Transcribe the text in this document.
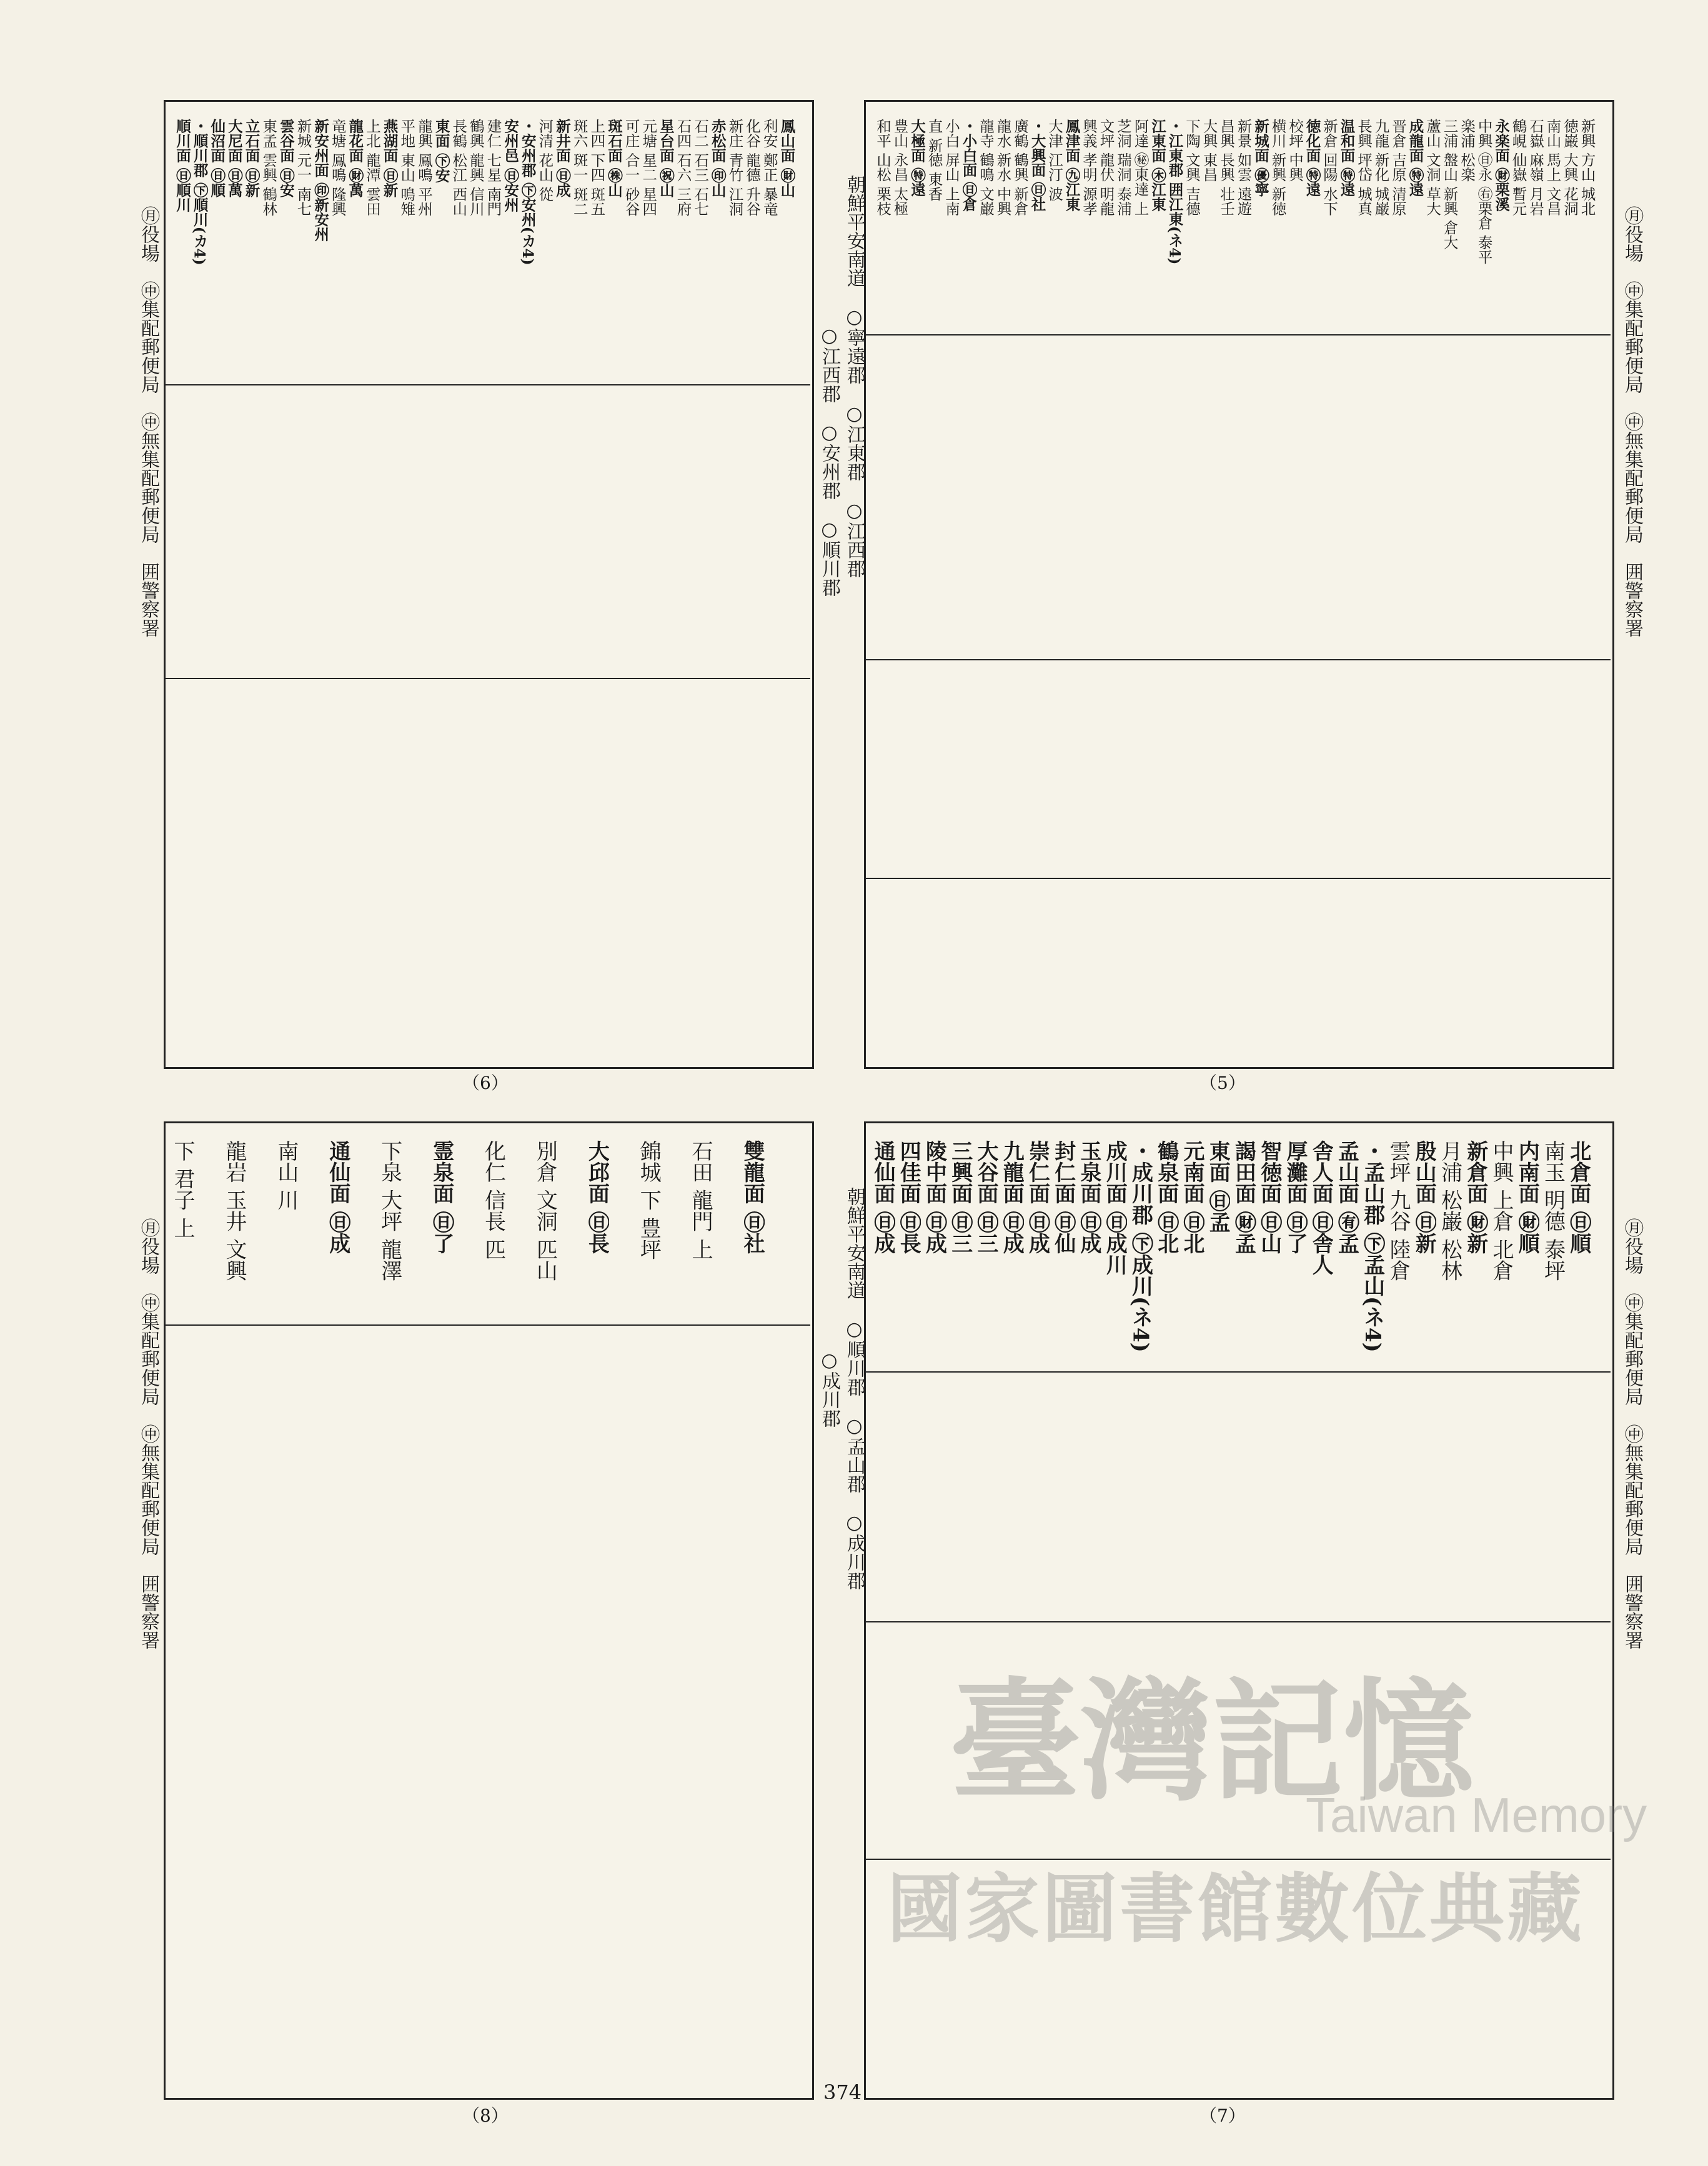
㊊役場　㊥集配郵便局　㊥無集配郵便局　囲警察署
㊊役場　㊥集配郵便局　㊥無集配郵便局　囲警察署
㊊役場　㊥集配郵便局　㊥無集配郵便局　囲警察署
㊊役場　㊥集配郵便局　㊥無集配郵便局　囲警察署
朝鮮平安南道　○寧遠郡　○江東郡　○江西郡
○江西郡　○安州郡　○順川郡
朝鮮平安南道　○順川郡　○孟山郡　○成川郡
○成川郡
新興 方山 城北
徳巌 大興 花洞
南山 馬上 文昌
石嶽 麻嶺 月岩
鶴峴 仙嶽 暫元
永楽面 ㊖栗溪
中興 ㊐永 ㊨栗倉 泰平
楽浦 松楽
三浦 盤山 新興 倉大
蘆山 文洞 草大
成龍面 ㊕遠
晋倉 吉原 清原
九龍 新化 城巌
長興 坪岱 城真
温和面 ㊕遠
新倉 回陽 水下
徳化面 ㊕遠
校坪 中興
横川 新興 新徳
新城面 ㊝寧
新景 如雲 遠遊
昌興 長興 壮壬
大興 東昌
下陶 文興 吉德
・江東郡 囲江東(ネ4)
江東面 ㊍江東
阿達 ㊙東達 上
芝洞 瑞洞 泰浦
文坪 龍伏 明龍
興義 孝明 源孝
鳳津面 ㊈江東
大津 江汀 波
・大興面 ㊐社
廣鶴 鶴興 新倉
龍水 新水 中興
龍寺 鶴鳴 文巌
・小白面 ㊐倉
小白 屏山 上南
直 新徳 東香
大極面 ㊕遠
豊山 永昌 太極
和平 山松 栗枝
鳳山面 ㊖山
利安 鄭正 暴竜
化谷 龍德 升谷
新庄 青竹 江洞
赤松面 ㊞山
石二 石三 石七
石四 石六 三府
星台面 ㊗山
元塘 星二 星四
可庄 合一 砂谷
斑石面 ㊑山
上四 下四 斑五
斑六 斑一 斑二
新井面 ㊐成
河清 花山 從
・安州郡 ㊦安州(カ4)
安州邑 ㊐安州
建仁 七星 南門
鶴興 龍興 信川
長鶴 松江 西山
東面 ㊦安
龍興 鳳鳴 平州
平地 東山 鳴雉
燕湖面 ㊐新
上北 龍潭 雲田
龍花面 ㊖萬
竜塘 鳳鳴 隆興
新安州面 ㊞新安州
新城 元一 南七
雲谷面 ㊐安
東孟 雲興 鶴林
立石面 ㊐新
大尼面 ㊐萬
仙沼面 ㊐順
・順川郡 ㊦順川(カ4)
順川面 ㊐順川
北倉面 ㊐順
南玉 明德 泰坪
内南面 ㊖順
中興 上倉 北倉
新倉面 ㊖新
月浦 松巌 松林
殷山面 ㊐新
雲坪 九谷 陸倉
・孟山郡 ㊦孟山(ネ4)
孟山面 ㊒孟
舎人面 ㊐舎人
厚灘面 ㊐了
智徳面 ㊐山
謁田面 ㊖孟
東面 ㊐孟
元南面 ㊐北
鶴泉面 ㊐北
・成川郡 ㊦成川(ネ4)
成川面 ㊐成川
玉泉面 ㊐成
封仁面 ㊐仙
崇仁面 ㊐成
九龍面 ㊐成
大谷面 ㊐三
三興面 ㊐三
陵中面 ㊐成
四佳面 ㊐長
通仙面 ㊐成
雙龍面 ㊐社
石田 龍門 上
錦城 下 豊坪
大邱面 ㊐長
別倉 文洞 匹山
化仁 信長 匹
霊泉面 ㊐了
下泉 大坪 龍澤
通仙面 ㊐成
南山 川
龍岩 玉井 文興
下 君子 上
（6）	（5）
（8）	（7）
374
臺灣記憶
Taiwan Memory
國家圖書館數位典藏
